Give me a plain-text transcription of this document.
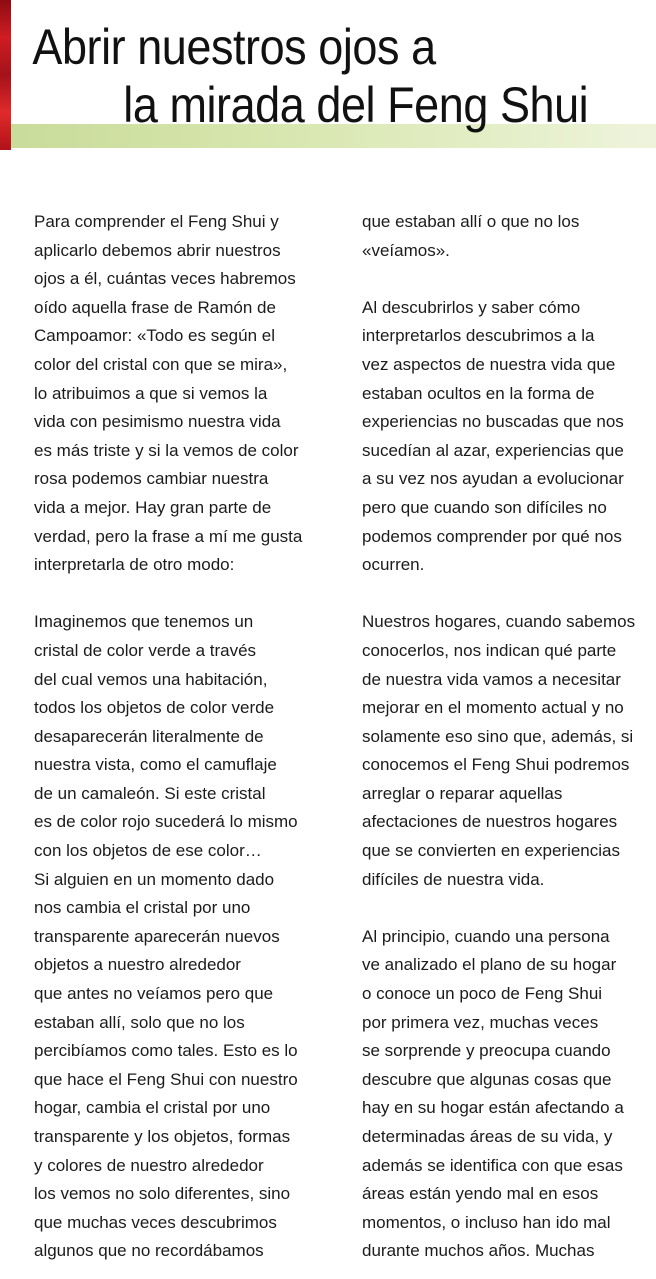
Abrir nuestros ojos a
la mirada del Feng Shui
Para comprender el Feng Shui y
aplicarlo debemos abrir nuestros
ojos a él, cuántas veces habremos
oído aquella frase de Ramón de
Campoamor: «Todo es según el
color del cristal con que se mira»,
lo atribuimos a que si vemos la
vida con pesimismo nuestra vida
es más triste y si la vemos de color
rosa podemos cambiar nuestra
vida a mejor. Hay gran parte de
verdad, pero la frase a mí me gusta
interpretarla de otro modo:
Imaginemos que tenemos un
cristal de color verde a través
del cual vemos una habitación,
todos los objetos de color verde
desaparecerán literalmente de
nuestra vista, como el camuflaje
de un camaleón. Si este cristal
es de color rojo sucederá lo mismo
con los objetos de ese color…
Si alguien en un momento dado
nos cambia el cristal por uno
transparente aparecerán nuevos
objetos a nuestro alrededor
que antes no veíamos pero que
estaban allí, solo que no los
percibíamos como tales. Esto es lo
que hace el Feng Shui con nuestro
hogar, cambia el cristal por uno
transparente y los objetos, formas
y colores de nuestro alrededor
los vemos no solo diferentes, sino
que muchas veces descubrimos
algunos que no recordábamos
que estaban allí o que no los
«veíamos».
Al descubrirlos y saber cómo
interpretarlos descubrimos a la
vez aspectos de nuestra vida que
estaban ocultos en la forma de
experiencias no buscadas que nos
sucedían al azar, experiencias que
a su vez nos ayudan a evolucionar
pero que cuando son difíciles no
podemos comprender por qué nos
ocurren.
Nuestros hogares, cuando sabemos
conocerlos, nos indican qué parte
de nuestra vida vamos a necesitar
mejorar en el momento actual y no
solamente eso sino que, además, si
conocemos el Feng Shui podremos
arreglar o reparar aquellas
afectaciones de nuestros hogares
que se convierten en experiencias
difíciles de nuestra vida.
Al principio, cuando una persona
ve analizado el plano de su hogar
o conoce un poco de Feng Shui
por primera vez, muchas veces
se sorprende y preocupa cuando
descubre que algunas cosas que
hay en su hogar están afectando a
determinadas áreas de su vida, y
además se identifica con que esas
áreas están yendo mal en esos
momentos, o incluso han ido mal
durante muchos años. Muchas
